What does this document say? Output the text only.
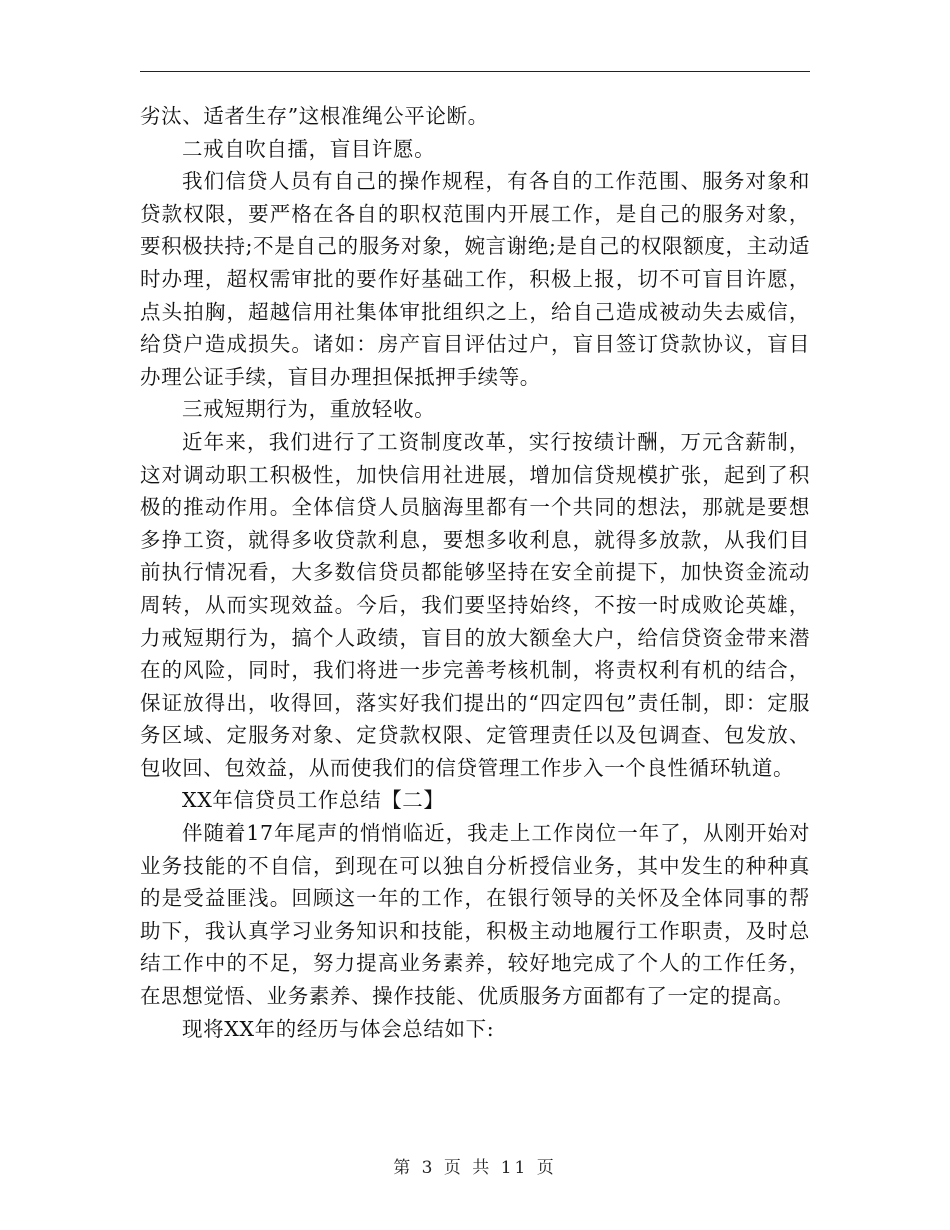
劣汰、适者生存”这根准绳公平论断。

二戒自吹自擂，盲目许愿。

我们信贷人员有自己的操作规程，有各自的工作范围、服务对象和贷款权限，要严格在各自的职权范围内开展工作，是自己的服务对象，要积极扶持;不是自己的服务对象，婉言谢绝;是自己的权限额度，主动适时办理，超权需审批的要作好基础工作，积极上报，切不可盲目许愿，点头拍胸，超越信用社集体审批组织之上，给自己造成被动失去威信，给贷户造成损失。诸如：房产盲目评估过户，盲目签订贷款协议，盲目办理公证手续，盲目办理担保抵押手续等。

三戒短期行为，重放轻收。

近年来，我们进行了工资制度改革，实行按绩计酬，万元含薪制，这对调动职工积极性，加快信用社进展，增加信贷规模扩张，起到了积极的推动作用。全体信贷人员脑海里都有一个共同的想法，那就是要想多挣工资，就得多收贷款利息，要想多收利息，就得多放款，从我们目前执行情况看，大多数信贷员都能够坚持在安全前提下，加快资金流动周转，从而实现效益。今后，我们要坚持始终，不按一时成败论英雄，力戒短期行为，搞个人政绩，盲目的放大额垒大户，给信贷资金带来潜在的风险，同时，我们将进一步完善考核机制，将责权利有机的结合，保证放得出，收得回，落实好我们提出的“四定四包”责任制，即：定服务区域、定服务对象、定贷款权限、定管理责任以及包调查、包发放、包收回、包效益，从而使我们的信贷管理工作步入一个良性循环轨道。

XX年信贷员工作总结【二】

伴随着17年尾声的悄悄临近，我走上工作岗位一年了，从刚开始对业务技能的不自信，到现在可以独自分析授信业务，其中发生的种种真的是受益匪浅。回顾这一年的工作，在银行领导的关怀及全体同事的帮助下，我认真学习业务知识和技能，积极主动地履行工作职责，及时总结工作中的不足，努力提高业务素养，较好地完成了个人的工作任务，在思想觉悟、业务素养、操作技能、优质服务方面都有了一定的提高。

现将XX年的经历与体会总结如下:

第 3 页 共 11 页
